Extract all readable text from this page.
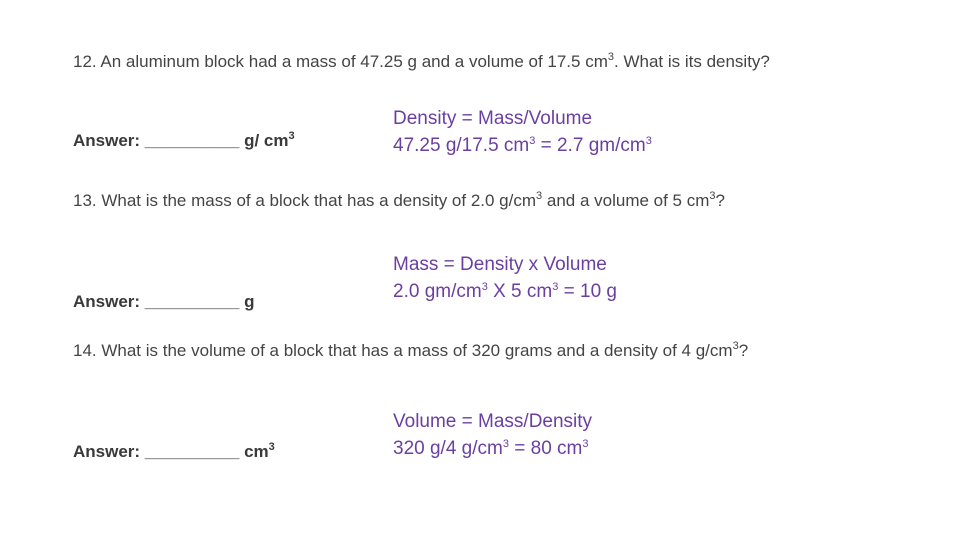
12. An aluminum block had a mass of 47.25 g and a volume of 17.5 $cm^3$. What is its density?
Answer: __________ g/ $cm^3$
Density = Mass/Volume
47.25 g/17.5 $cm^3 = 2.7$ $gm/cm^3$
13. What is the mass of a block that has a density of 2.0 $g/cm^3$ and a volume of 5 $cm^3$?
Answer: __________ g
Mass = Density x Volume
2.0 $gm/cm^3$ X 5 $cm^3 = 10$ g
14. What is the volume of a block that has a mass of 320 grams and a density of 4 $g/cm^3$?
Answer: __________ $cm^3$
Volume = Mass/Density
320 g/4 $g/cm^3 = 80$ $cm^3$
